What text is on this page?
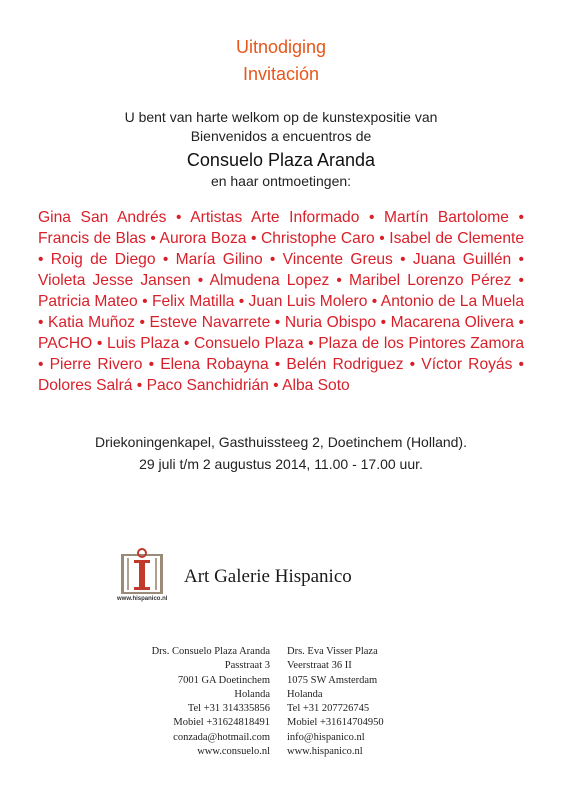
Uitnodiging
Invitación
U bent van harte welkom op de kunstexpositie van
Bienvenidos a encuentros de
Consuelo Plaza Aranda
en haar ontmoetingen:
Gina San Andrés • Artistas Arte Informado • Martín Bartolome • Francis de Blas • Aurora Boza • Christophe Caro • Isabel de Clemente • Roig de Diego • María Gilino • Vincente Greus • Juana Guillén • Violeta Jesse Jansen • Almudena Lopez • Maribel Lorenzo Pérez • Patricia Mateo • Felix Matilla • Juan Luis Molero • Antonio de La Muela • Katia Muñoz • Esteve Navarrete • Nuria Obispo • Macarena Olivera • PACHO • Luis Plaza • Consuelo Plaza • Plaza de los Pintores Zamora • Pierre Rivero • Elena Robayna • Belén Rodriguez • Víctor Royás • Dolores Salrá • Paco Sanchidrián • Alba Soto
Driekoningenkapel, Gasthuissteeg 2, Doetinchem (Holland).
29 juli t/m 2 augustus 2014, 11.00 - 17.00 uur.
www.hispanico.nl
Art Galerie Hispanico
Drs. Consuelo Plaza Aranda
Passtraat 3
7001 GA Doetinchem
Holanda
Tel +31 314335856
Mobiel +31624818491
conzada@hotmail.com
www.consuelo.nl
Drs. Eva Visser Plaza
Veerstraat 36 II
1075 SW Amsterdam
Holanda
Tel +31 207726745
Mobiel +31614704950
info@hispanico.nl
www.hispanico.nl
